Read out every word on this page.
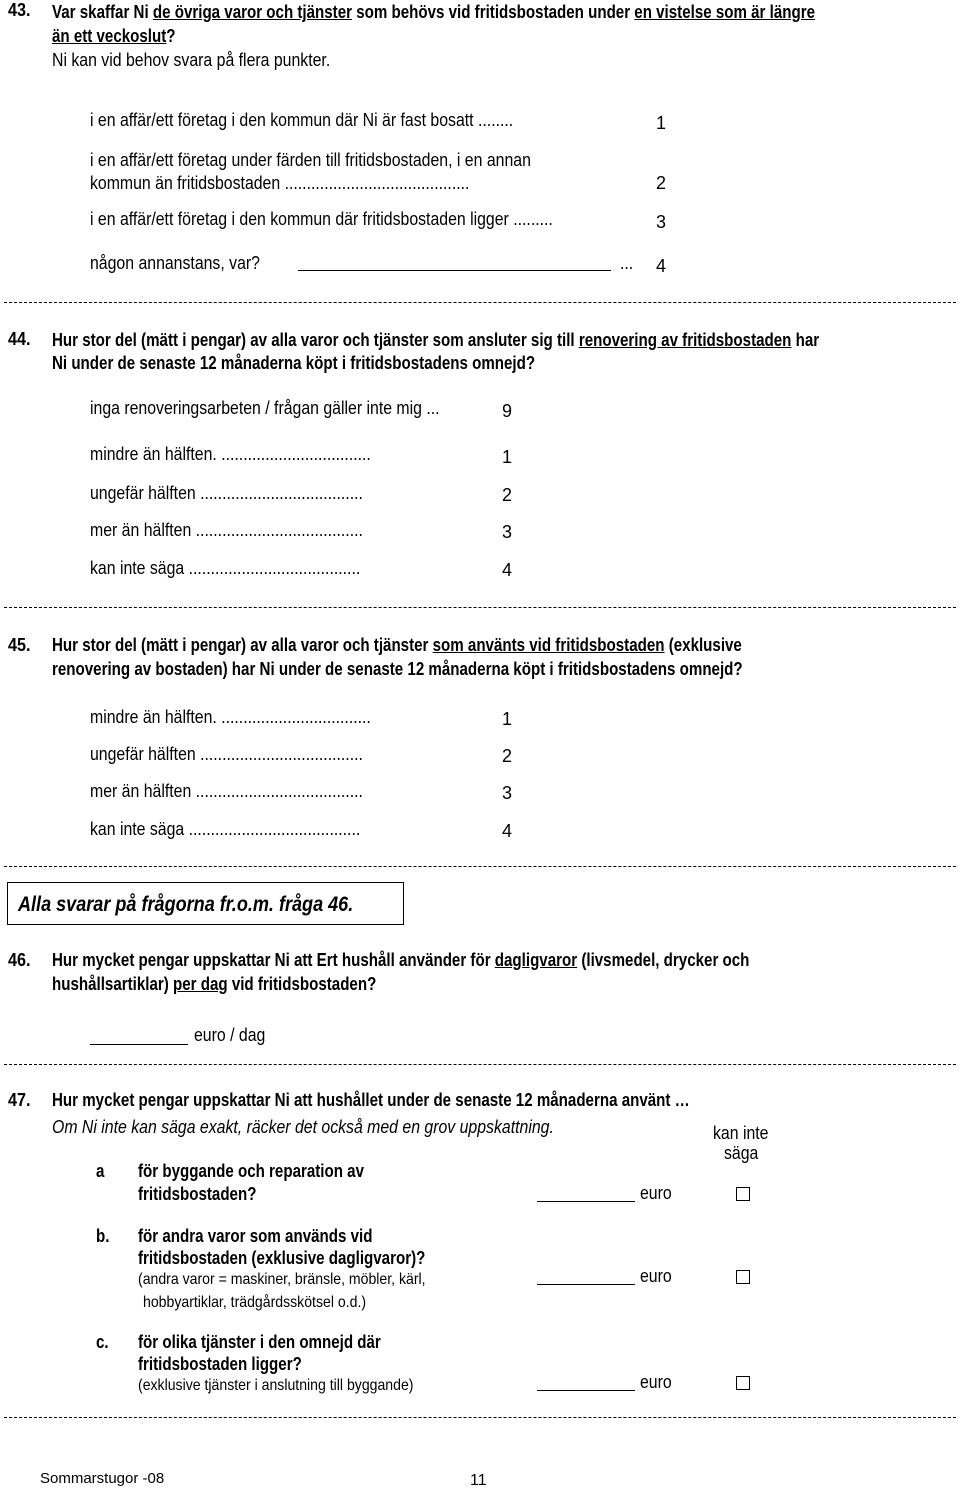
43. Var skaffar Ni de övriga varor och tjänster som behövs vid fritidsbostaden under en vistelse som är längre
än ett veckoslut?
Ni kan vid behov svara på flera punkter.
i en affär/ett företag i den kommun där Ni är fast bosatt ........	1
i en affär/ett företag under färden till fritidsbostaden, i en annan
kommun än fritidsbostaden ..........................................	2
i en affär/ett företag i den kommun där fritidsbostaden ligger .........	3
någon annanstans, var?	... 4
44. Hur stor del (mätt i pengar) av alla varor och tjänster som ansluter sig till renovering av fritidsbostaden har
Ni under de senaste 12 månaderna köpt i fritidsbostadens omnejd?
inga renoveringsarbeten / frågan gäller inte mig ...	9
mindre än hälften. ..................................	1
ungefär hälften .....................................	2
mer än hälften ......................................	3
kan inte säga .......................................	4
45. Hur stor del (mätt i pengar) av alla varor och tjänster som använts vid fritidsbostaden (exklusive
renovering av bostaden) har Ni under de senaste 12 månaderna köpt i fritidsbostadens omnejd?
mindre än hälften. ..................................	1
ungefär hälften .....................................	2
mer än hälften ......................................	3
kan inte säga .......................................	4
Alla svarar på frågorna fr.o.m. fråga 46.
46. Hur mycket pengar uppskattar Ni att Ert hushåll använder för dagligvaror (livsmedel, drycker och
hushållsartiklar) per dag vid fritidsbostaden?
euro / dag
47. Hur mycket pengar uppskattar Ni att hushållet under de senaste 12 månaderna använt …
Om Ni inte kan säga exakt, räcker det också med en grov uppskattning.	kan inte
säga
a för byggande och reparation av
fritidsbostaden?	euro
b. för andra varor som används vid
fritidsbostaden (exklusive dagligvaror)?
(andra varor = maskiner, bränsle, möbler, kärl,
hobbyartiklar, trädgårdsskötsel o.d.)
euro
c. för olika tjänster i den omnejd där
fritidsbostaden ligger?
(exklusive tjänster i anslutning till byggande)	euro
Sommarstugor -08	11
